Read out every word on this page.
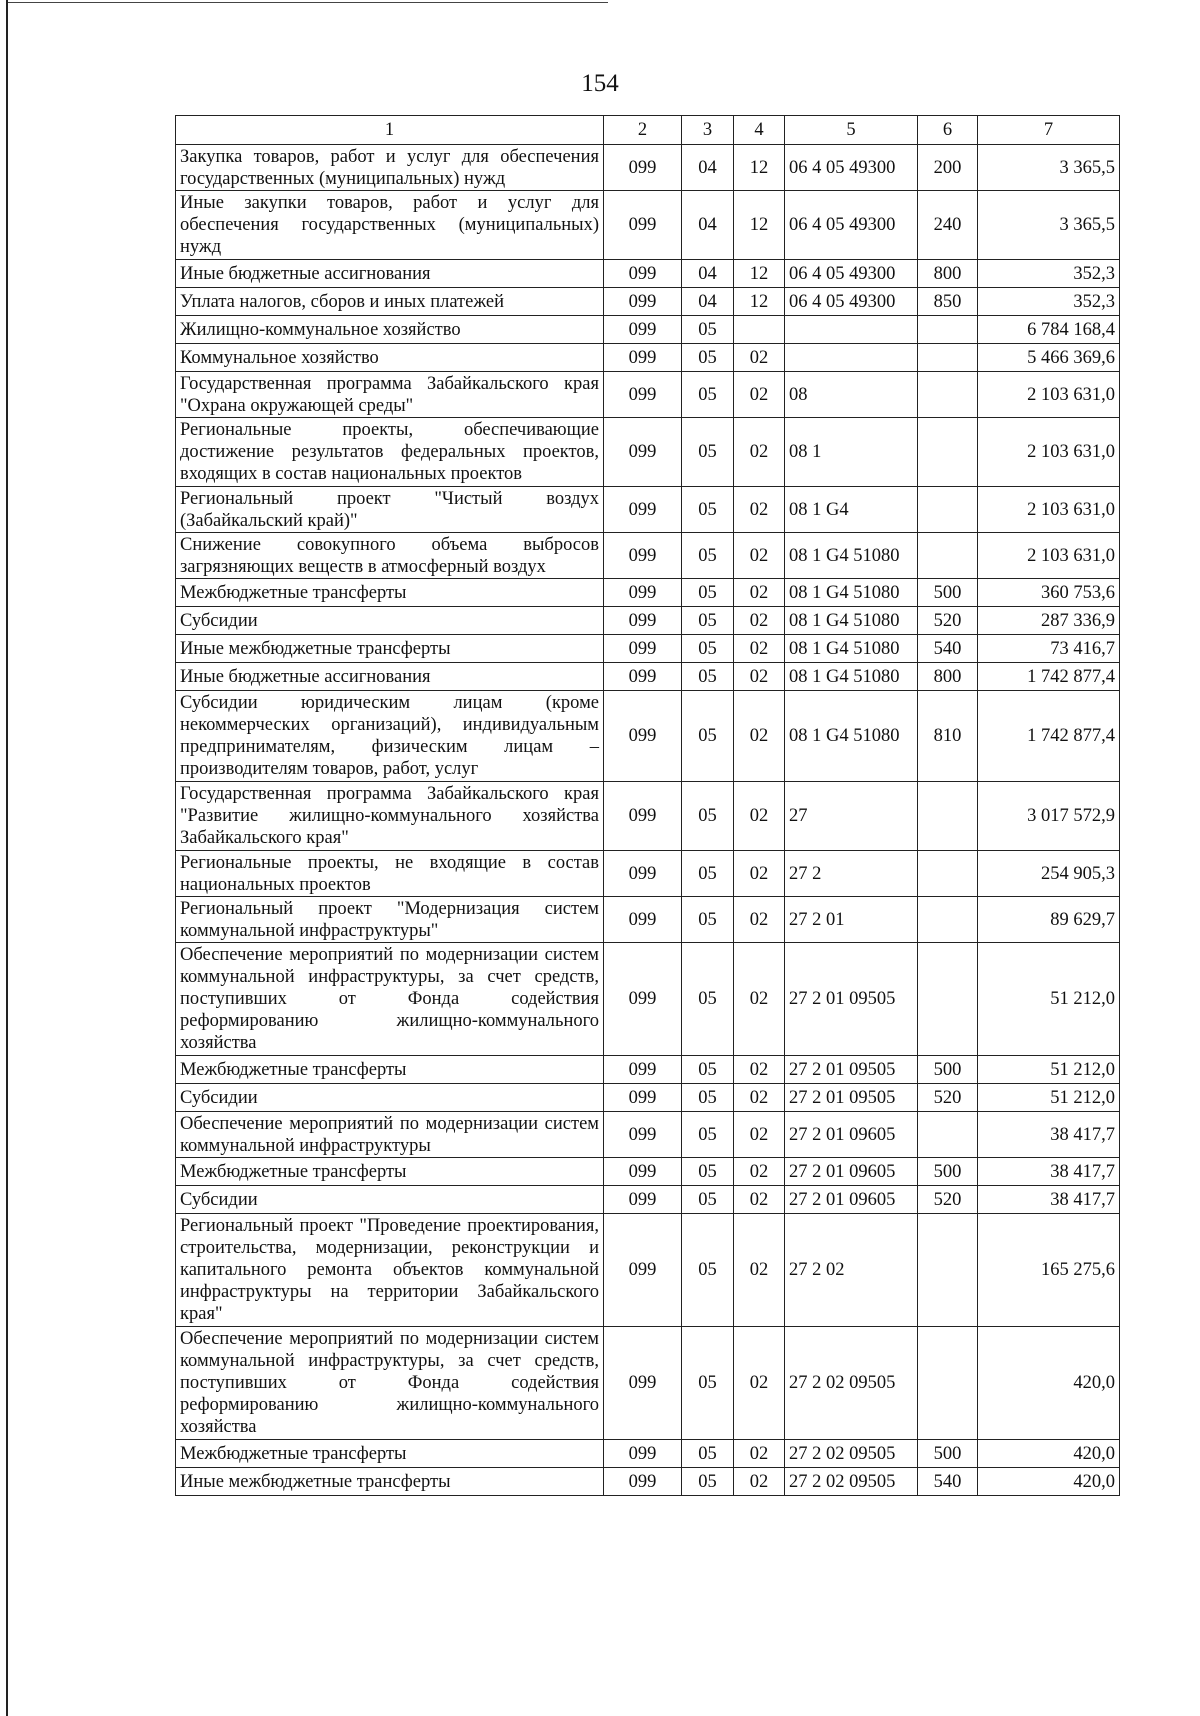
154
1	2	3	4	5	6	7
Закупка товаров, работ и услуг для обеспечения государственных (муниципальных) нужд	099	04	12	06 4 05 49300	200	3 365,5
Иные закупки товаров, работ и услуг для обеспечения государственных (муниципальных) нужд	099	04	12	06 4 05 49300	240	3 365,5
Иные бюджетные ассигнования	099	04	12	06 4 05 49300	800	352,3
Уплата налогов, сборов и иных платежей	099	04	12	06 4 05 49300	850	352,3
Жилищно-коммунальное хозяйство	099	05				6 784 168,4
Коммунальное хозяйство	099	05	02			5 466 369,6
Государственная программа Забайкальского края "Охрана окружающей среды"	099	05	02	08		2 103 631,0
Региональные проекты, обеспечивающие достижение результатов федеральных проектов, входящих в состав национальных проектов	099	05	02	08 1		2 103 631,0
Региональный проект "Чистый воздух (Забайкальский край)"	099	05	02	08 1 G4		2 103 631,0
Снижение совокупного объема выбросов загрязняющих веществ в атмосферный воздух	099	05	02	08 1 G4 51080		2 103 631,0
Межбюджетные трансферты	099	05	02	08 1 G4 51080	500	360 753,6
Субсидии	099	05	02	08 1 G4 51080	520	287 336,9
Иные межбюджетные трансферты	099	05	02	08 1 G4 51080	540	73 416,7
Иные бюджетные ассигнования	099	05	02	08 1 G4 51080	800	1 742 877,4
Субсидии юридическим лицам (кроме некоммерческих организаций), индивидуальным предпринимателям, физическим лицам – производителям товаров, работ, услуг	099	05	02	08 1 G4 51080	810	1 742 877,4
Государственная программа Забайкальского края "Развитие жилищно-коммунального хозяйства Забайкальского края"	099	05	02	27		3 017 572,9
Региональные проекты, не входящие в состав национальных проектов	099	05	02	27 2		254 905,3
Региональный проект "Модернизация систем коммунальной инфраструктуры"	099	05	02	27 2 01		89 629,7
Обеспечение мероприятий по модернизации систем коммунальной инфраструктуры, за счет средств, поступивших от Фонда содействия реформированию жилищно-коммунального хозяйства	099	05	02	27 2 01 09505		51 212,0
Межбюджетные трансферты	099	05	02	27 2 01 09505	500	51 212,0
Субсидии	099	05	02	27 2 01 09505	520	51 212,0
Обеспечение мероприятий по модернизации систем коммунальной инфраструктуры	099	05	02	27 2 01 09605		38 417,7
Межбюджетные трансферты	099	05	02	27 2 01 09605	500	38 417,7
Субсидии	099	05	02	27 2 01 09605	520	38 417,7
Региональный проект "Проведение проектирования, строительства, модернизации, реконструкции и капитального ремонта объектов коммунальной инфраструктуры на территории Забайкальского края"	099	05	02	27 2 02		165 275,6
Обеспечение мероприятий по модернизации систем коммунальной инфраструктуры, за счет средств, поступивших от Фонда содействия реформированию жилищно-коммунального хозяйства	099	05	02	27 2 02 09505		420,0
Межбюджетные трансферты	099	05	02	27 2 02 09505	500	420,0
Иные межбюджетные трансферты	099	05	02	27 2 02 09505	540	420,0
